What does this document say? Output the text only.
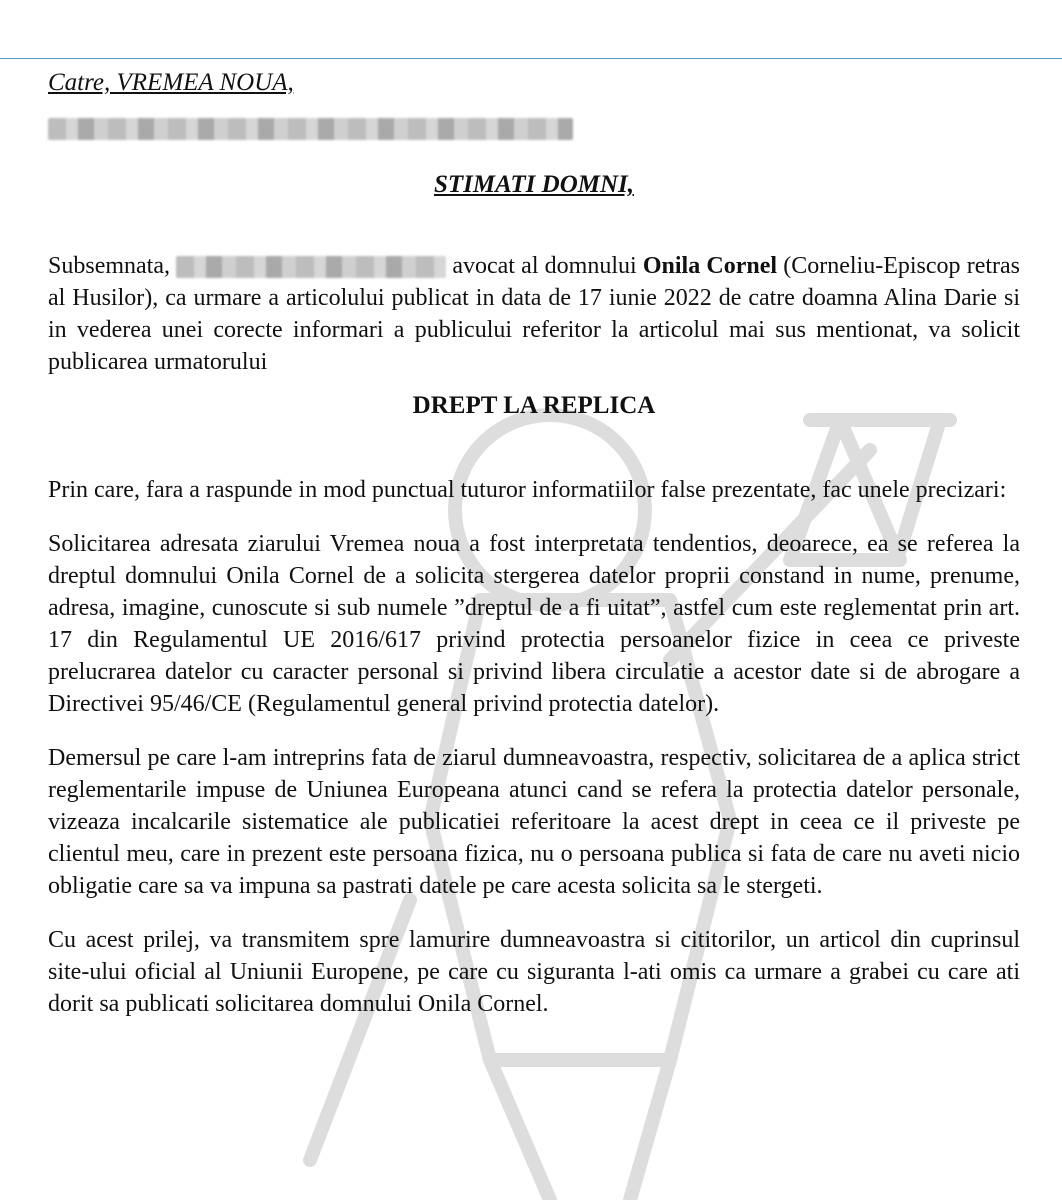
Catre, VREMEA NOUA,

STIMATI DOMNI,

Subsemnata,	avocat al domnului Onila Cornel (Corneliu-Episcop retras al Husilor), ca urmare a articolului publicat in data de 17 iunie 2022 de catre doamna Alina Darie si in vederea unei corecte informari a publicului referitor la articolul mai sus mentionat, va solicit publicarea urmatorului

DREPT LA REPLICA

Prin care, fara a raspunde in mod punctual tuturor informatiilor false prezentate, fac unele precizari:

Solicitarea adresata ziarului Vremea noua a fost interpretata tendentios, deoarece, ea se referea la dreptul domnului Onila Cornel de a solicita stergerea datelor proprii constand in nume, prenume, adresa, imagine, cunoscute si sub numele ”dreptul de a fi uitat”, astfel cum este reglementat prin art. 17 din Regulamentul UE 2016/617 privind protectia persoanelor fizice in ceea ce priveste prelucrarea datelor cu caracter personal si privind libera circulatie a acestor date si de abrogare a Directivei 95/46/CE (Regulamentul general privind protectia datelor).

Demersul pe care l-am intreprins fata de ziarul dumneavoastra, respectiv, solicitarea de a aplica strict reglementarile impuse de Uniunea Europeana atunci cand se refera la protectia datelor personale, vizeaza incalcarile sistematice ale publicatiei referitoare la acest drept in ceea ce il priveste pe clientul meu, care in prezent este persoana fizica, nu o persoana publica si fata de care nu aveti nicio obligatie care sa va impuna sa pastrati datele pe care acesta solicita sa le stergeti.

Cu acest prilej, va transmitem spre lamurire dumneavoastra si cititorilor, un articol din cuprinsul site-ului oficial al Uniunii Europene, pe care cu siguranta l-ati omis ca urmare a grabei cu care ati dorit sa publicati solicitarea domnului Onila Cornel.
